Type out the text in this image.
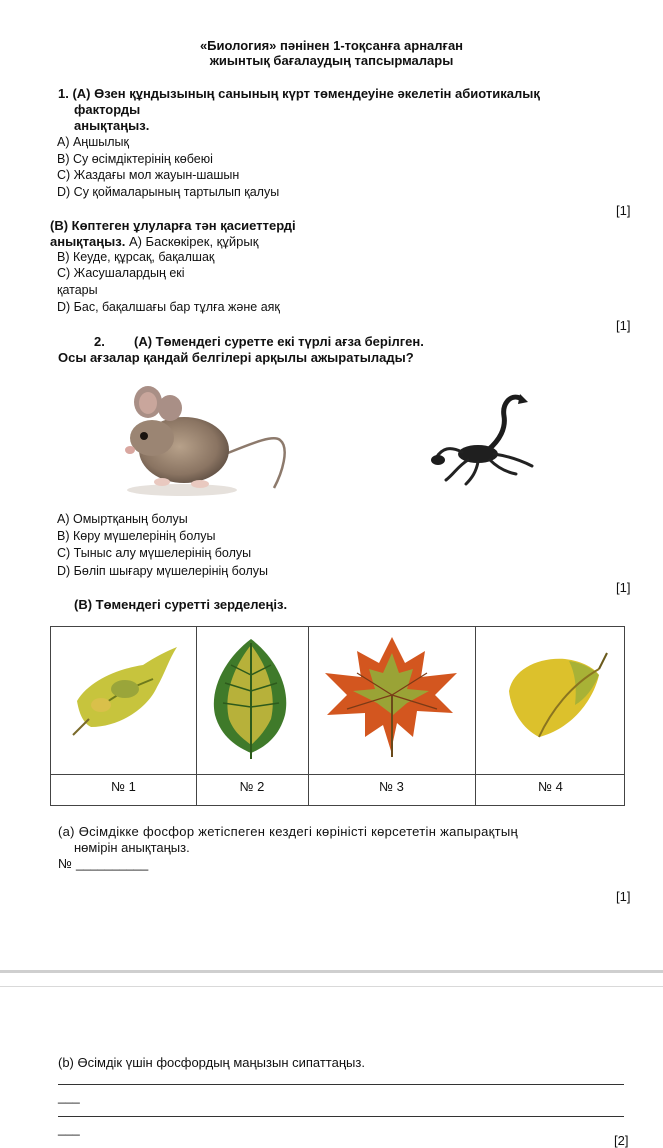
«Биология» пәнінен 1-тоқсанға арналған
жиынтық бағалаудың тапсырмалары
1. (A) Өзен құндызының санының күрт төмендеуіне әкелетін абиотикалық
факторды
анықтаңыз.
A) Аңшылық
B) Су өсімдіктерінің көбеюі
C) Жаздағы мол жауын-шашын
D) Су қоймаларының тартылып қалуы
[1]
(B) Көптеген ұлуларға тән қасиеттерді
анықтаңыз. A) Баскөкірек, құйрық
B) Кеуде, құрсақ, бақалшақ
C) Жасушалардың екі
қатары
D) Бас, бақалшағы бар тұлға және аяқ
[1]
2. (A) Төмендегі суретте екі түрлі ағза берілген.
Осы ағзалар қандай белгілері арқылы ажыратылады?
A) Омыртқаның болуы
B) Көру мүшелерінің болуы
C) Тыныс алу мүшелерінің болуы
D) Бөліп шығару мүшелерінің болуы
[1]
(B) Төмендегі суретті зерделеңіз.
№ 1	№ 2	№ 3	№ 4
(a) Өсімдікке фосфор жетіспеген кездегі көріністі көрсететін жапырақтың
нөмірін анықтаңыз.
№ __________
[1]
(b) Өсімдік үшін фосфордың маңызын сипаттаңыз.
___
___
[2]
